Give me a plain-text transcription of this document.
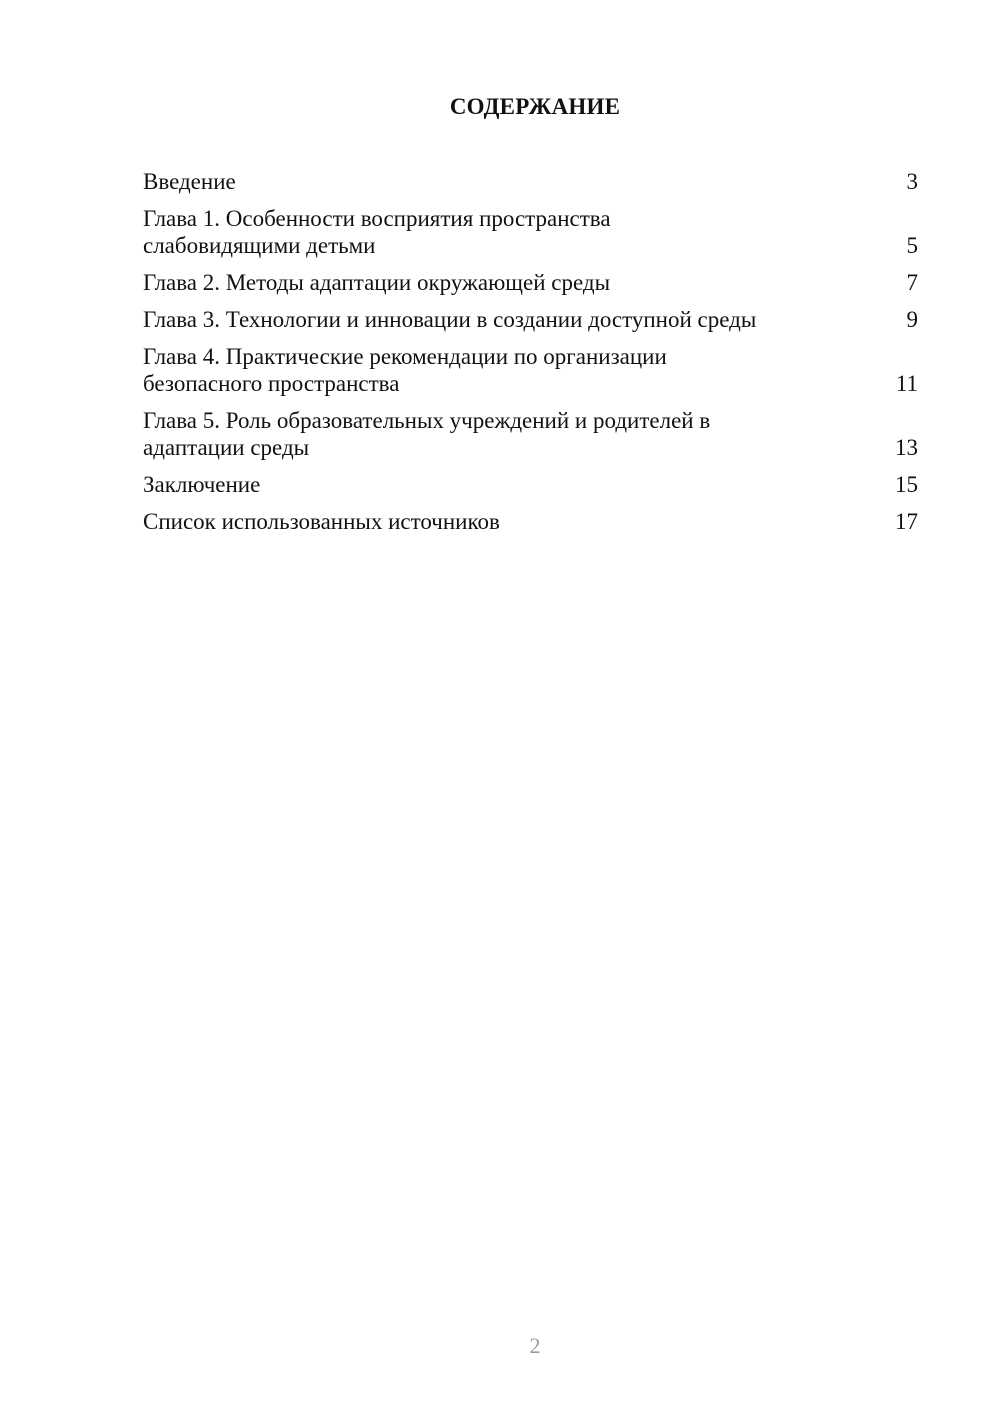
СОДЕРЖАНИЕ
Введение	3
Глава 1. Особенности восприятия пространства
слабовидящими детьми	5
Глава 2. Методы адаптации окружающей среды	7
Глава 3. Технологии и инновации в создании доступной среды	9
Глава 4. Практические рекомендации по организации
безопасного пространства	11
Глава 5. Роль образовательных учреждений и родителей в
адаптации среды	13
Заключение	15
Список использованных источников	17
2
